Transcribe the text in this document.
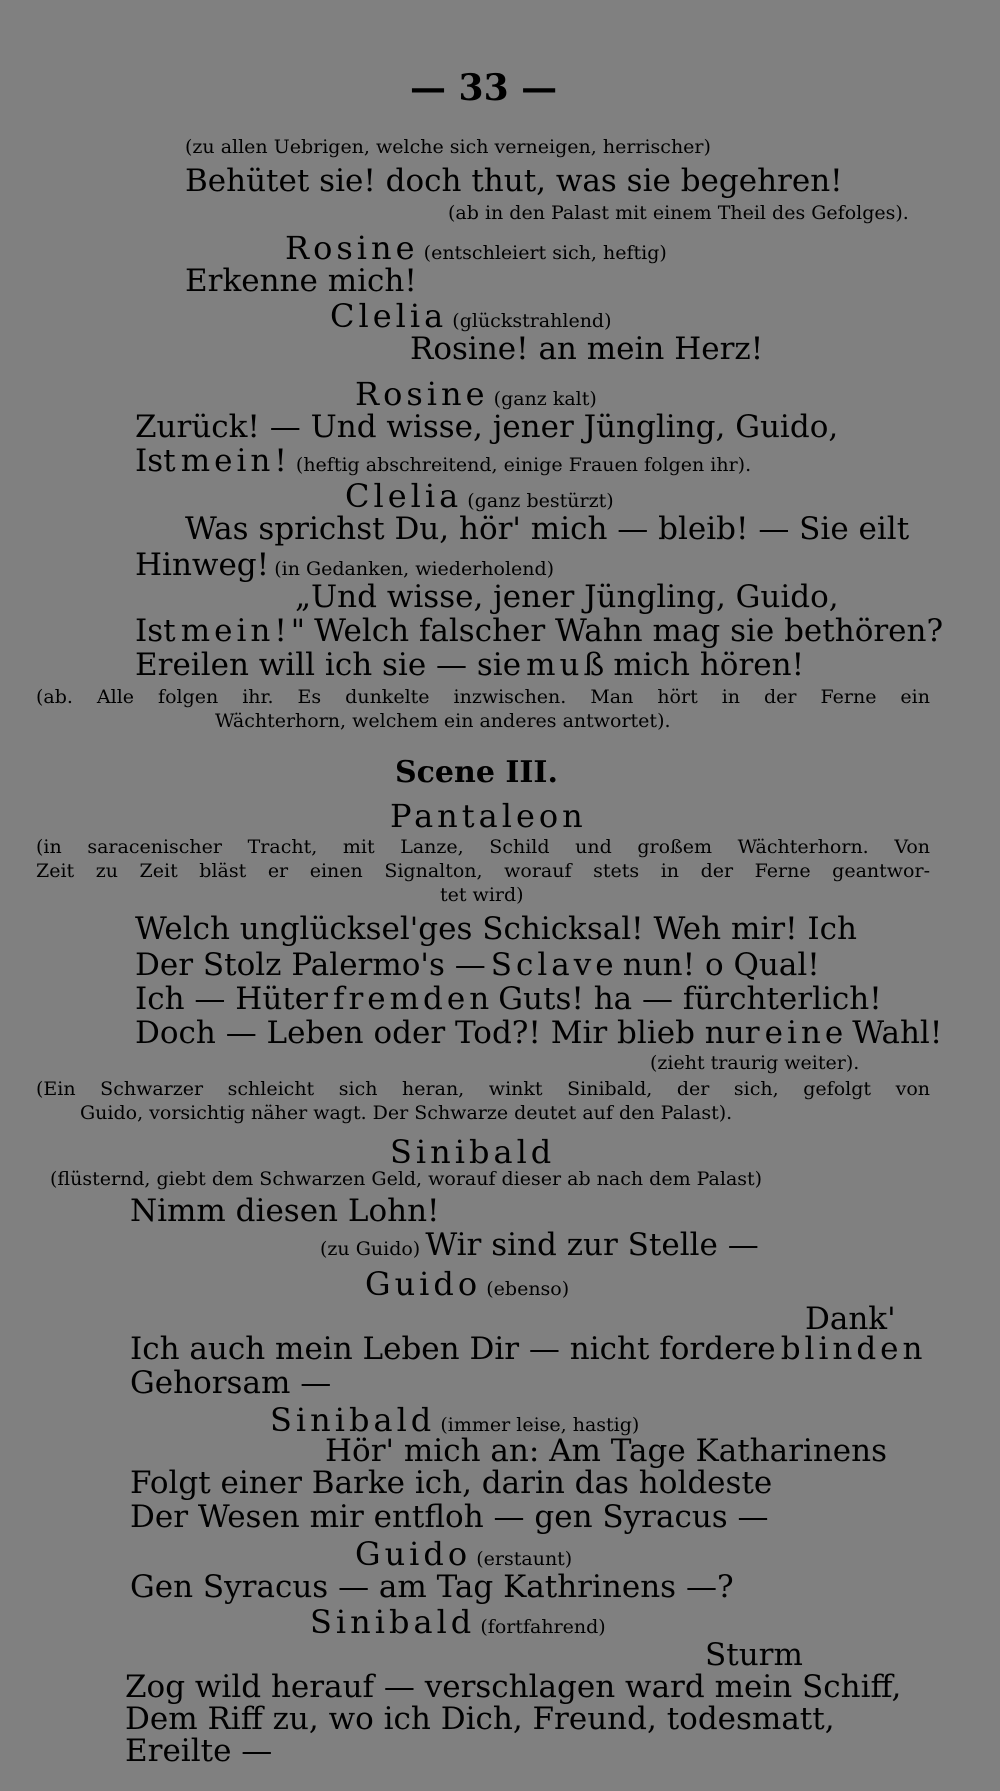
— 33 —
(zu allen Uebrigen, welche sich verneigen, herrischer)
Behütet sie! doch thut, was sie begehren!
(ab in den Palast mit einem Theil des Gefolges).
Rosine (entschleiert sich, heftig)
Erkenne mich!
Clelia (glückstrahlend)
Rosine! an mein Herz!
Rosine (ganz kalt)
Zurück! — Und wisse, jener Jüngling, Guido,
Ist mein! (heftig abschreitend, einige Frauen folgen ihr).
Clelia (ganz bestürzt)
Was sprichst Du, hör' mich — bleib! — Sie eilt
Hinweg! (in Gedanken, wiederholend)
„Und wisse, jener Jüngling, Guido,
Ist mein!" Welch falscher Wahn mag sie bethören?
Ereilen will ich sie — sie muß mich hören!
(ab. Alle folgen ihr. Es dunkelte inzwischen. Man hört in der Ferne ein
Wächterhorn, welchem ein anderes antwortet).
Scene III.
Pantaleon
(in saracenischer Tracht, mit Lanze, Schild und großem Wächterhorn. Von
Zeit zu Zeit bläst er einen Signalton, worauf stets in der Ferne geantwor-
tet wird)
Welch unglücksel'ges Schicksal! Weh mir! Ich
Der Stolz Palermo's — Sclave nun! o Qual!
Ich — Hüter fremden Guts! ha — fürchterlich!
Doch — Leben oder Tod?! Mir blieb nur eine Wahl!
(zieht traurig weiter).
(Ein Schwarzer schleicht sich heran, winkt Sinibald, der sich, gefolgt von
Guido, vorsichtig näher wagt. Der Schwarze deutet auf den Palast).
Sinibald
(flüsternd, giebt dem Schwarzen Geld, worauf dieser ab nach dem Palast)
Nimm diesen Lohn!
(zu Guido) Wir sind zur Stelle —
Guido (ebenso)
Dank'
Ich auch mein Leben Dir — nicht fordere blinden
Gehorsam —
Sinibald (immer leise, hastig)
Hör' mich an: Am Tage Katharinens
Folgt einer Barke ich, darin das holdeste
Der Wesen mir entfloh — gen Syracus —
Guido (erstaunt)
Gen Syracus — am Tag Kathrinens —?
Sinibald (fortfahrend)
Sturm
Zog wild herauf — verschlagen ward mein Schiff,
Dem Riff zu, wo ich Dich, Freund, todesmatt,
Ereilte —
